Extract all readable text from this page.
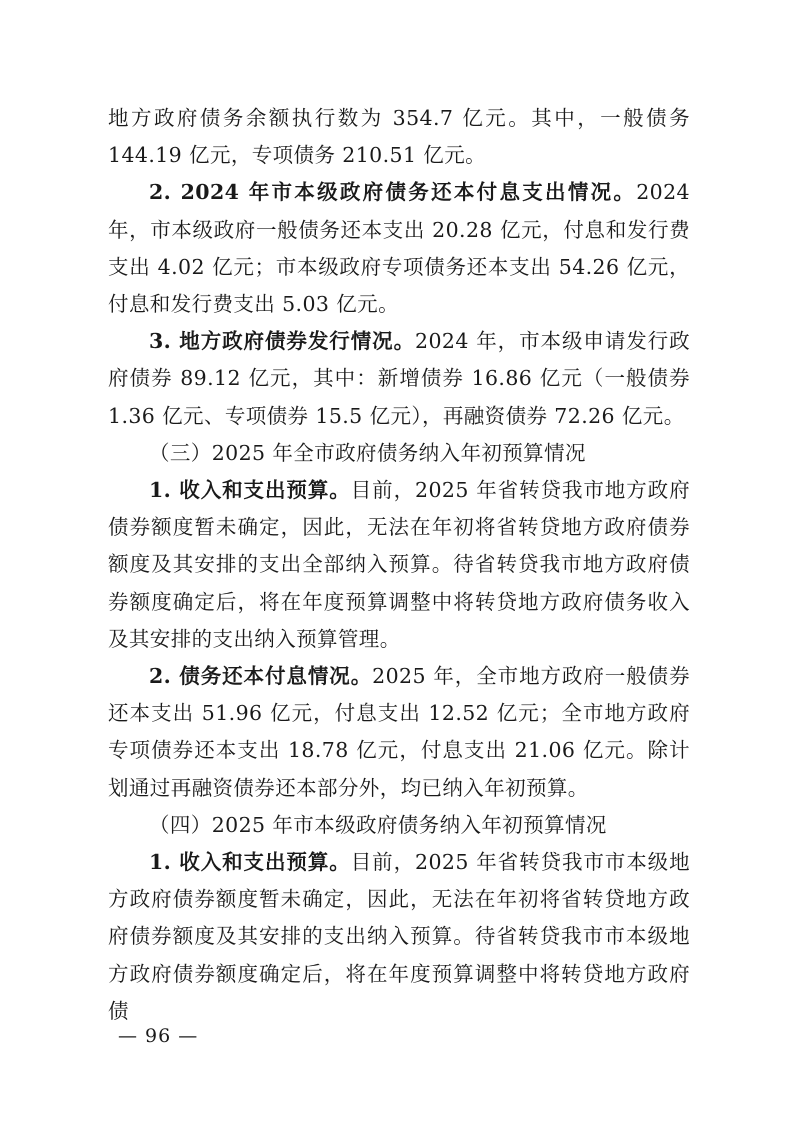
地方政府债务余额执行数为 354.7 亿元。其中，一般债务 144.19 亿元，专项债务 210.51 亿元。

2. 2024 年市本级政府债务还本付息支出情况。2024 年，市本级政府一般债务还本支出 20.28 亿元，付息和发行费支出 4.02 亿元；市本级政府专项债务还本支出 54.26 亿元，付息和发行费支出 5.03 亿元。

3. 地方政府债券发行情况。2024 年，市本级申请发行政府债券 89.12 亿元，其中：新增债券 16.86 亿元（一般债券 1.36 亿元、专项债券 15.5 亿元），再融资债券 72.26 亿元。

（三）2025 年全市政府债务纳入年初预算情况

1. 收入和支出预算。目前，2025 年省转贷我市地方政府债券额度暂未确定，因此，无法在年初将省转贷地方政府债券额度及其安排的支出全部纳入预算。待省转贷我市地方政府债券额度确定后，将在年度预算调整中将转贷地方政府债务收入及其安排的支出纳入预算管理。

2. 债务还本付息情况。2025 年，全市地方政府一般债券还本支出 51.96 亿元，付息支出 12.52 亿元；全市地方政府专项债券还本支出 18.78 亿元，付息支出 21.06 亿元。除计划通过再融资债券还本部分外，均已纳入年初预算。

（四）2025 年市本级政府债务纳入年初预算情况

1. 收入和支出预算。目前，2025 年省转贷我市市本级地方政府债券额度暂未确定，因此，无法在年初将省转贷地方政府债券额度及其安排的支出纳入预算。待省转贷我市市本级地方政府债券额度确定后，将在年度预算调整中将转贷地方政府债

— 96 —
